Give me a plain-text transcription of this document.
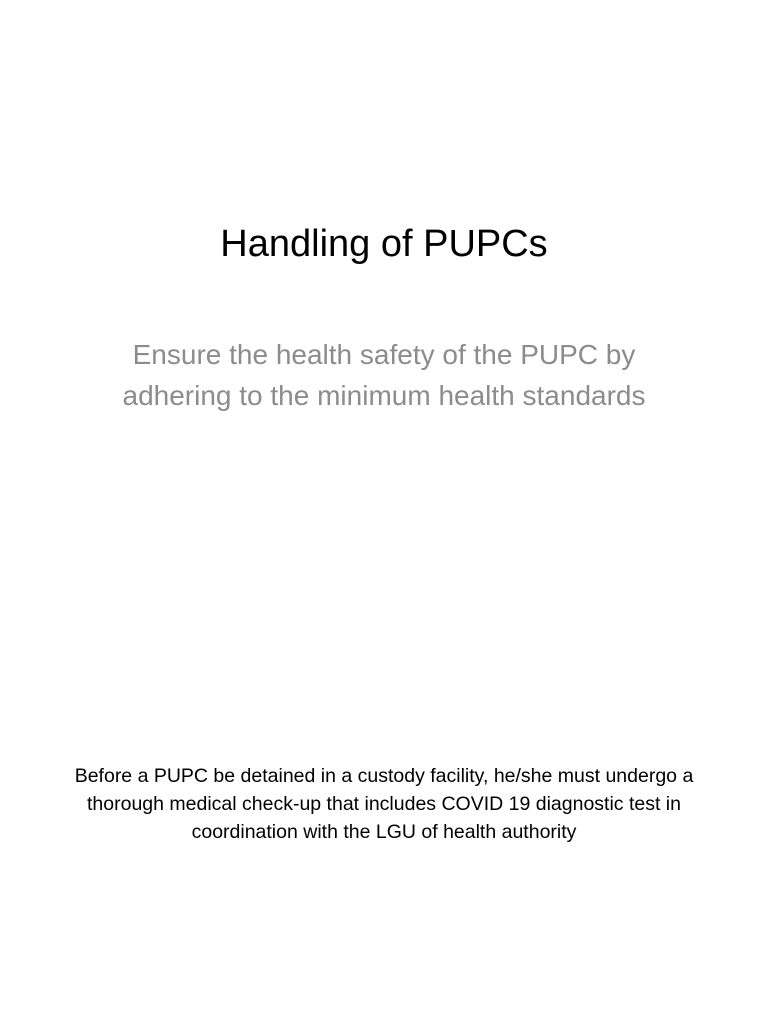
Handling of PUPCs

Ensure the health safety of the PUPC by adhering to the minimum health standards

Before a PUPC be detained in a custody facility, he/she must undergo a thorough medical check-up that includes COVID 19 diagnostic test in coordination with the LGU of health authority
